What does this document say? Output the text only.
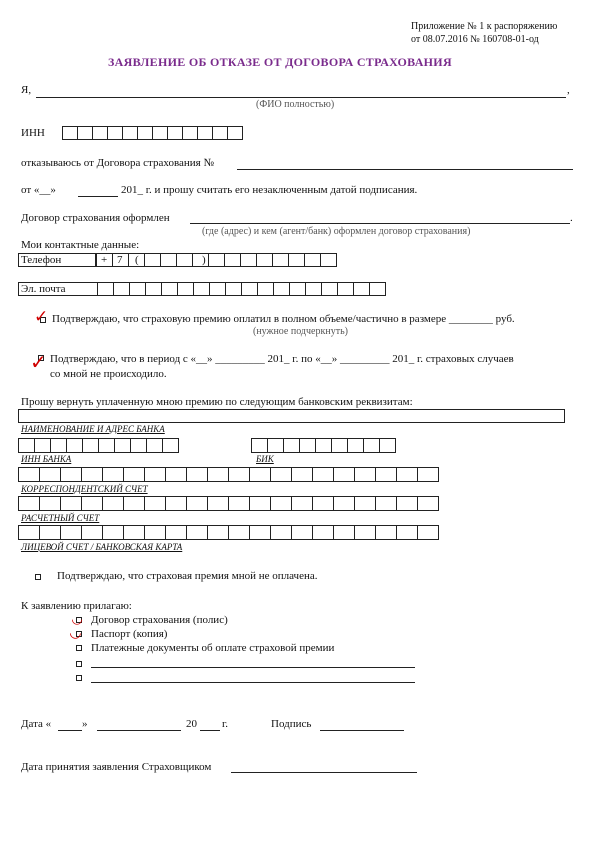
Приложение № 1 к распоряжению
от 08.07.2016 № 160708-01-од
ЗАЯВЛЕНИЕ ОБ ОТКАЗЕ ОТ ДОГОВОРА СТРАХОВАНИЯ
Я,	,
(ФИО полностью)
ИНН
отказываюсь от Договора страхования №
от «__»	201_ г. и прошу считать его незаключенным датой подписания.
Договор страхования оформлен	.
(где (адрес) и кем (агент/банк) оформлен договор страхования)
Мои контактные данные:
Телефон	+ 7 (	)
Эл. почта
✓ Подтверждаю, что страховую премию оплатил в полном объеме/частично в размере ________ руб.
(нужное подчеркнуть)
✓ Подтверждаю, что в период с «__» _________ 201_ г. по «__» _________ 201_ г. страховых случаев
со мной не происходило.
Прошу вернуть уплаченную мною премию по следующим банковским реквизитам:
НАИМЕНОВАНИЕ И АДРЕС БАНКА
ИНН БАНКА	БИК
КОРРЕСПОНДЕНТСКИЙ СЧЕТ
РАСЧЕТНЫЙ СЧЕТ
ЛИЦЕВОЙ СЧЕТ / БАНКОВСКАЯ КАРТА
Подтверждаю, что страховая премия мной не оплачена.
К заявлению прилагаю:
◡ Договор страхования (полис)
◡ Паспорт (копия)
Платежные документы об оплате страховой премии
Дата «	»	20 г.	Подпись
Дата принятия заявления Страховщиком
